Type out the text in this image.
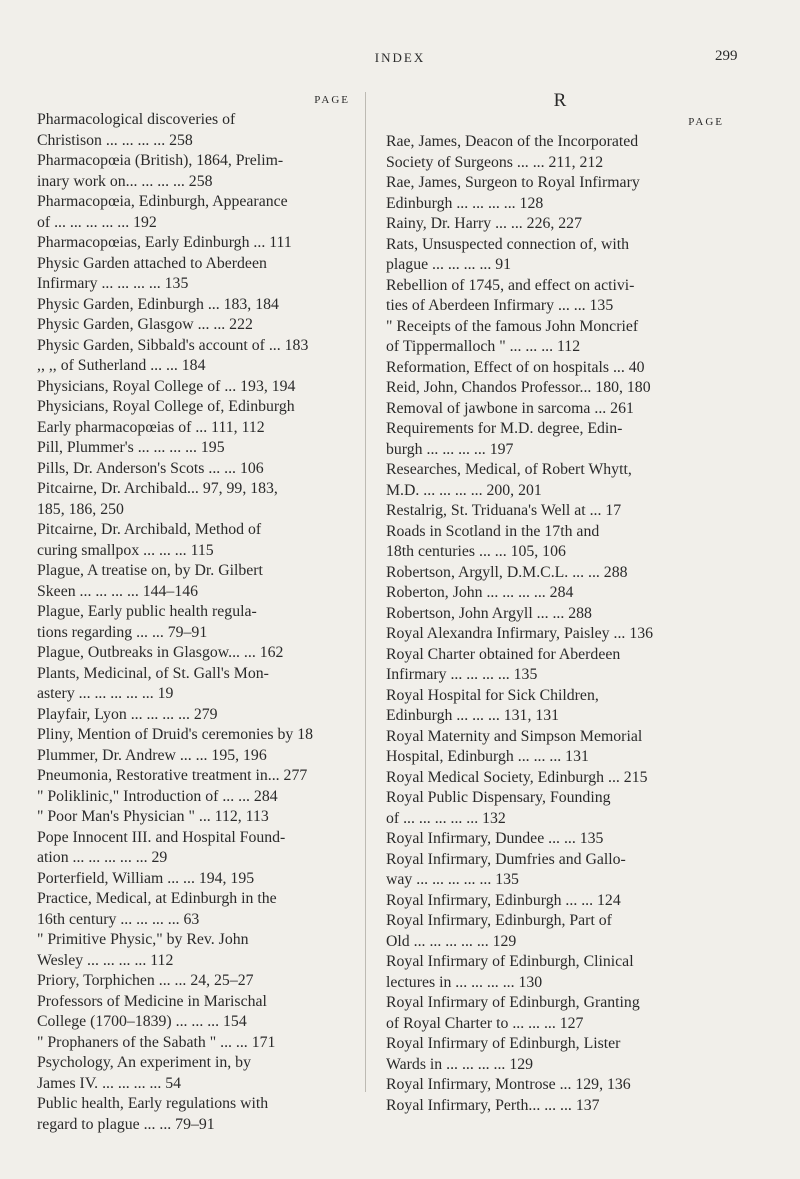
INDEX	299
PAGE
Pharmacological discoveries of
Christison ... ... ... ... 258
Pharmacopœia (British), 1864, Prelim-
inary work on... ... ... ... 258
Pharmacopœia, Edinburgh, Appearance
of ... ... ... ... ... 192
Pharmacopœias, Early Edinburgh ... 111
Physic Garden attached to Aberdeen
Infirmary ... ... ... ... 135
Physic Garden, Edinburgh ... 183, 184
Physic Garden, Glasgow ... ... 222
Physic Garden, Sibbald's account of ... 183
,, ,, of Sutherland ... ... 184
Physicians, Royal College of ... 193, 194
Physicians, Royal College of, Edinburgh
Early pharmacopœias of ... 111, 112
Pill, Plummer's ... ... ... ... 195
Pills, Dr. Anderson's Scots ... ... 106
Pitcairne, Dr. Archibald... 97, 99, 183,
185, 186, 250
Pitcairne, Dr. Archibald, Method of
curing smallpox ... ... ... 115
Plague, A treatise on, by Dr. Gilbert
Skeen ... ... ... ... 144–146
Plague, Early public health regula-
tions regarding ... ... 79–91
Plague, Outbreaks in Glasgow... ... 162
Plants, Medicinal, of St. Gall's Mon-
astery ... ... ... ... ... 19
Playfair, Lyon ... ... ... ... 279
Pliny, Mention of Druid's ceremonies by 18
Plummer, Dr. Andrew ... ... 195, 196
Pneumonia, Restorative treatment in... 277
" Poliklinic," Introduction of ... ... 284
" Poor Man's Physician " ... 112, 113
Pope Innocent III. and Hospital Found-
ation ... ... ... ... ... 29
Porterfield, William ... ... 194, 195
Practice, Medical, at Edinburgh in the
16th century ... ... ... ... 63
" Primitive Physic," by Rev. John
Wesley ... ... ... ... 112
Priory, Torphichen ... ... 24, 25–27
Professors of Medicine in Marischal
College (1700–1839) ... ... ... 154
" Prophaners of the Sabath " ... ... 171
Psychology, An experiment in, by
James IV. ... ... ... ... 54
Public health, Early regulations with
regard to plague ... ... 79–91
R
PAGE
Rae, James, Deacon of the Incorporated
Society of Surgeons ... ... 211, 212
Rae, James, Surgeon to Royal Infirmary
Edinburgh ... ... ... ... 128
Rainy, Dr. Harry ... ... 226, 227
Rats, Unsuspected connection of, with
plague ... ... ... ... 91
Rebellion of 1745, and effect on activi-
ties of Aberdeen Infirmary ... ... 135
" Receipts of the famous John Moncrief
of Tippermalloch " ... ... ... 112
Reformation, Effect of on hospitals ... 40
Reid, John, Chandos Professor... 180, 180
Removal of jawbone in sarcoma ... 261
Requirements for M.D. degree, Edin-
burgh ... ... ... ... 197
Researches, Medical, of Robert Whytt,
M.D. ... ... ... ... 200, 201
Restalrig, St. Triduana's Well at ... 17
Roads in Scotland in the 17th and
18th centuries ... ... 105, 106
Robertson, Argyll, D.M.C.L. ... ... 288
Roberton, John ... ... ... ... 284
Robertson, John Argyll ... ... 288
Royal Alexandra Infirmary, Paisley ... 136
Royal Charter obtained for Aberdeen
Infirmary ... ... ... ... 135
Royal Hospital for Sick Children,
Edinburgh ... ... ... 131, 131
Royal Maternity and Simpson Memorial
Hospital, Edinburgh ... ... ... 131
Royal Medical Society, Edinburgh ... 215
Royal Public Dispensary, Founding
of ... ... ... ... ... 132
Royal Infirmary, Dundee ... ... 135
Royal Infirmary, Dumfries and Gallo-
way ... ... ... ... ... 135
Royal Infirmary, Edinburgh ... ... 124
Royal Infirmary, Edinburgh, Part of
Old ... ... ... ... ... 129
Royal Infirmary of Edinburgh, Clinical
lectures in ... ... ... ... 130
Royal Infirmary of Edinburgh, Granting
of Royal Charter to ... ... ... 127
Royal Infirmary of Edinburgh, Lister
Wards in ... ... ... ... 129
Royal Infirmary, Montrose ... 129, 136
Royal Infirmary, Perth... ... ... 137
